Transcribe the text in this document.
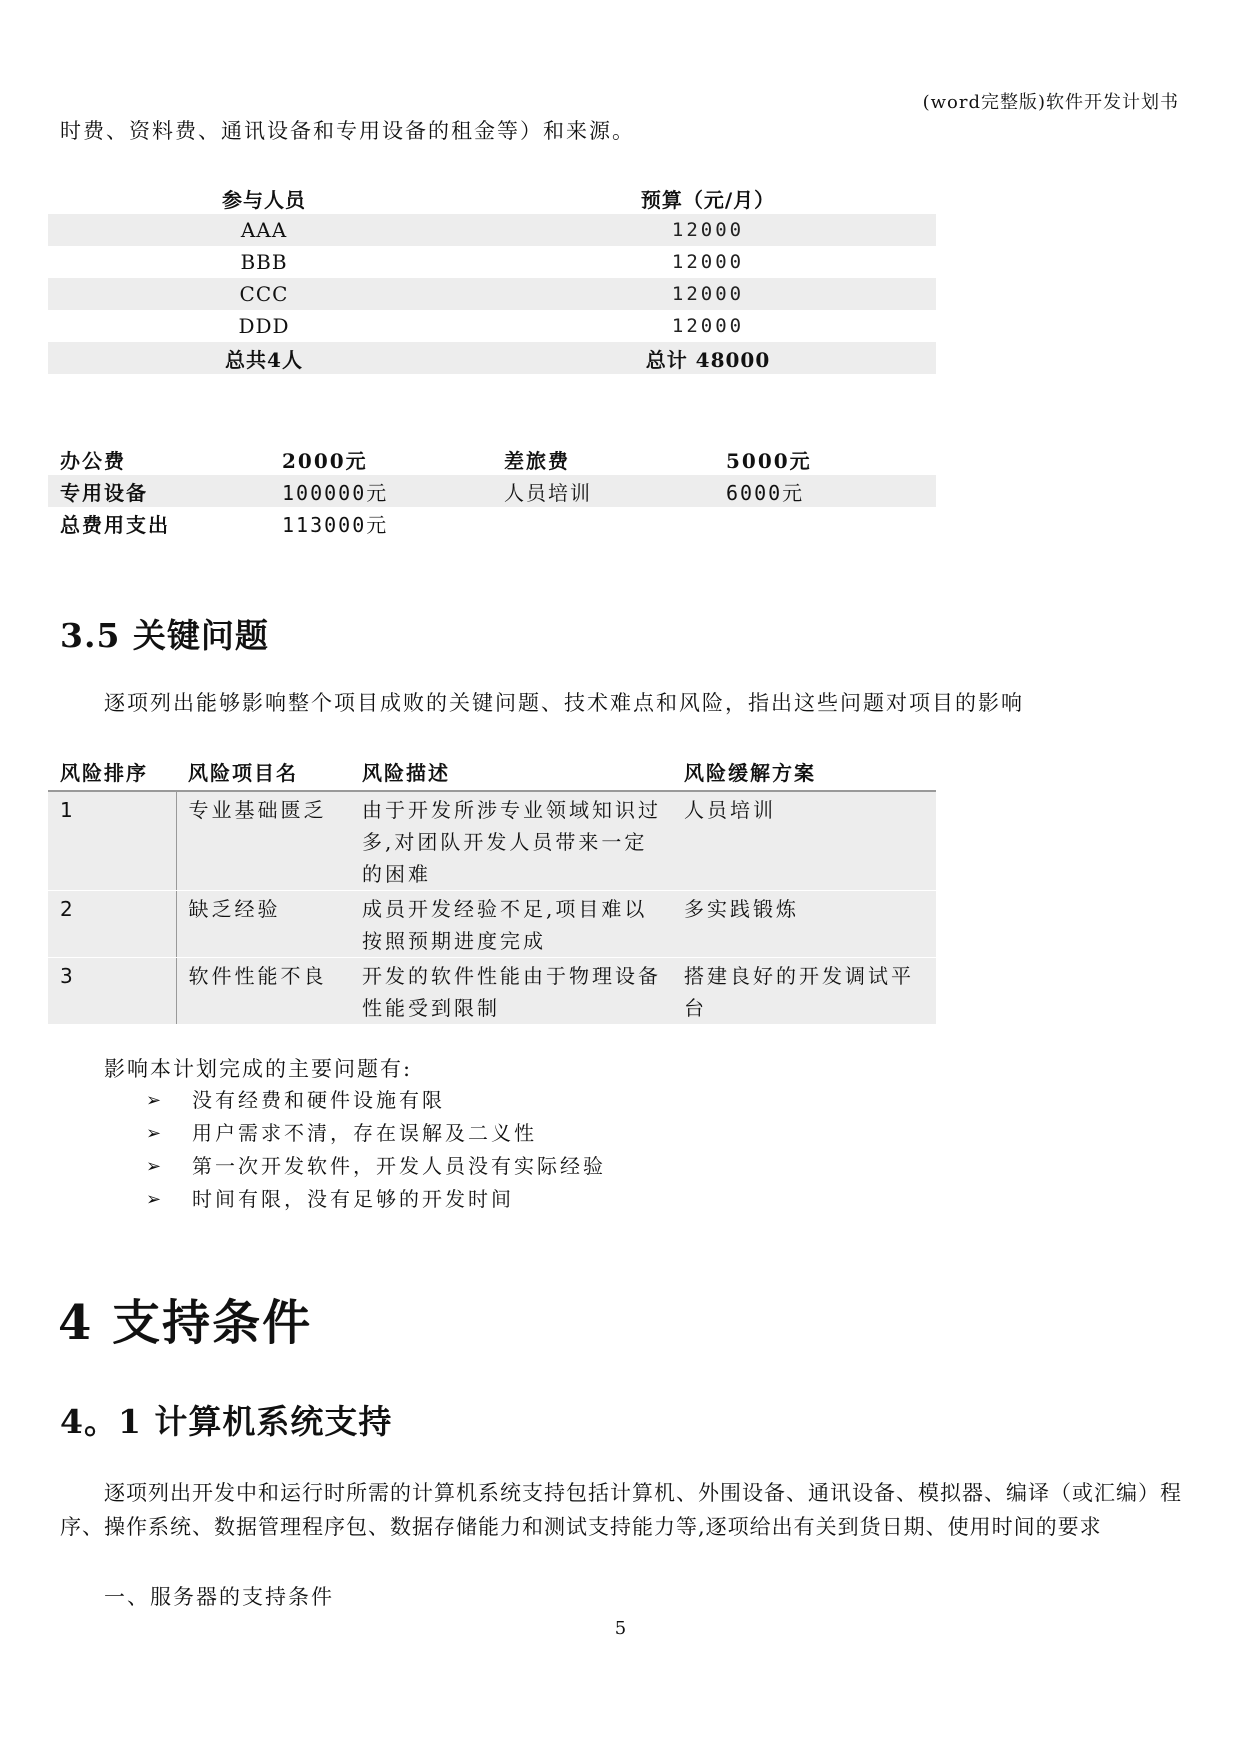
(word完整版)软件开发计划书
时费、资料费、通讯设备和专用设备的租金等）和来源。
参与人员	预算（元/月）
AAA	12000
BBB	12000
CCC	12000
DDD	12000
总共4人	总计 48000
办公费	2000元	差旅费	5000元
专用设备	100000元	人员培训	6000元
总费用支出	113000元		
3.5 关键问题
逐项列出能够影响整个项目成败的关键问题、技术难点和风险，指出这些问题对项目的影响
风险排序	风险项目名	风险描述	风险缓解方案
1	专业基础匮乏	由于开发所涉专业领域知识过多,对团队开发人员带来一定的困难	人员培训
2	缺乏经验	成员开发经验不足,项目难以按照预期进度完成	多实践锻炼
3	软件性能不良	开发的软件性能由于物理设备性能受到限制	搭建良好的开发调试平台
影响本计划完成的主要问题有:
➢ 没有经费和硬件设施有限
➢ 用户需求不清，存在误解及二义性
➢ 第一次开发软件，开发人员没有实际经验
➢ 时间有限，没有足够的开发时间
4 支持条件
4。1 计算机系统支持
逐项列出开发中和运行时所需的计算机系统支持包括计算机、外围设备、通讯设备、模拟器、编译（或汇编）程序、操作系统、数据管理程序包、数据存储能力和测试支持能力等,逐项给出有关到货日期、使用时间的要求
一、服务器的支持条件
5
